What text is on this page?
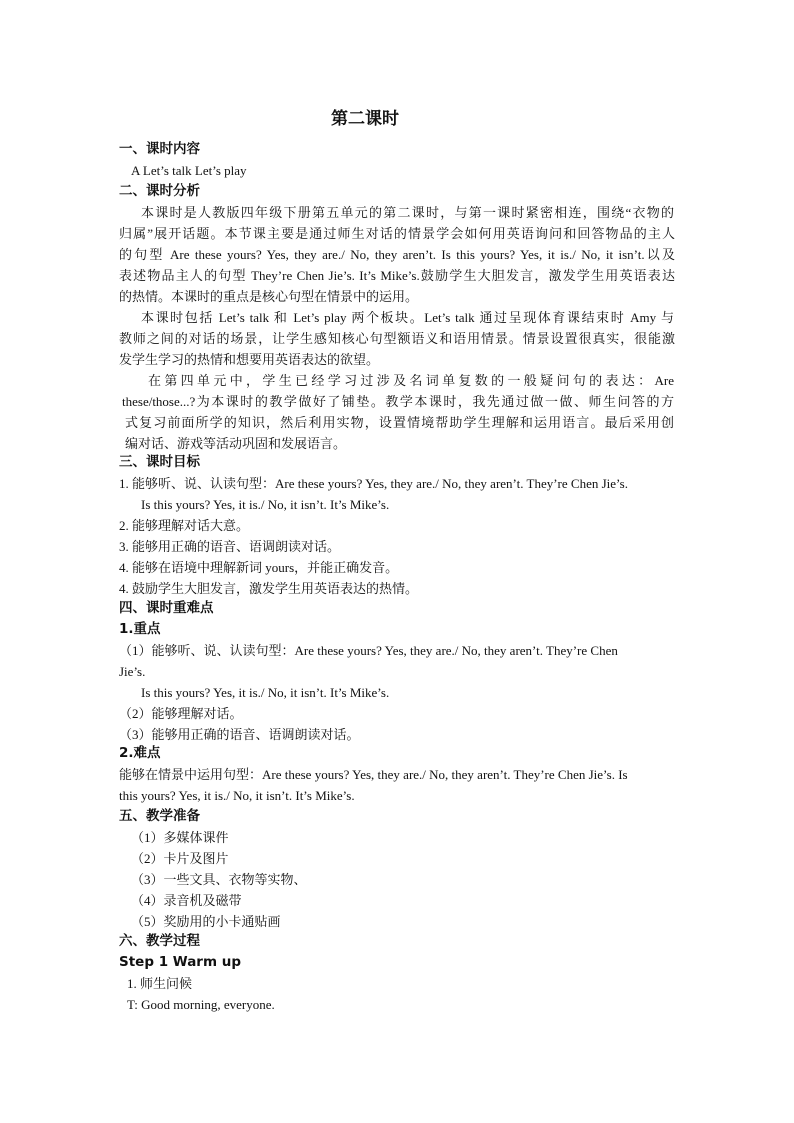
第二课时
一、课时内容
A Let’s talk Let’s play
二、课时分析
本课时是人教版四年级下册第五单元的第二课时，与第一课时紧密相连，围绕“衣物的
归属”展开话题。本节课主要是通过师生对话的情景学会如何用英语询问和回答物品的主人
的句型 Are these yours? Yes, they are./ No, they aren’t. Is this yours? Yes, it is./ No, it isn’t.以及
表述物品主人的句型 They’re Chen Jie’s. It’s Mike’s.鼓励学生大胆发言，激发学生用英语表达
的热情。本课时的重点是核心句型在情景中的运用。
本课时包括 Let’s talk 和 Let’s play 两个板块。Let’s talk 通过呈现体育课结束时 Amy 与
教师之间的对话的场景，让学生感知核心句型额语义和语用情景。情景设置很真实，很能激
发学生学习的热情和想要用英语表达的欲望。
在第四单元中，学生已经学习过涉及名词单复数的一般疑问句的表达：Are
these/those...?为本课时的教学做好了铺垫。教学本课时，我先通过做一做、师生问答的方
式复习前面所学的知识，然后利用实物，设置情境帮助学生理解和运用语言。最后采用创
编对话、游戏等活动巩固和发展语言。
三、课时目标
1. 能够听、说、认读句型：Are these yours? Yes, they are./ No, they aren’t. They’re Chen Jie’s.
Is this yours? Yes, it is./ No, it isn’t. It’s Mike’s.
2. 能够理解对话大意。
3. 能够用正确的语音、语调朗读对话。
4. 能够在语境中理解新词 yours，并能正确发音。
4. 鼓励学生大胆发言，激发学生用英语表达的热情。
四、课时重难点
1.重点
（1）能够听、说、认读句型：Are these yours? Yes, they are./ No, they aren’t. They’re Chen
Jie’s.
Is this yours? Yes, it is./ No, it isn’t. It’s Mike’s.
（2）能够理解对话。
（3）能够用正确的语音、语调朗读对话。
2.难点
能够在情景中运用句型：Are these yours? Yes, they are./ No, they aren’t. They’re Chen Jie’s. Is
this yours? Yes, it is./ No, it isn’t. It’s Mike’s.
五、教学准备
（1）多媒体课件
（2）卡片及图片
（3）一些文具、衣物等实物、
（4）录音机及磁带
（5）奖励用的小卡通贴画
六、教学过程
Step 1 Warm up
1. 师生问候
T: Good morning, everyone.
